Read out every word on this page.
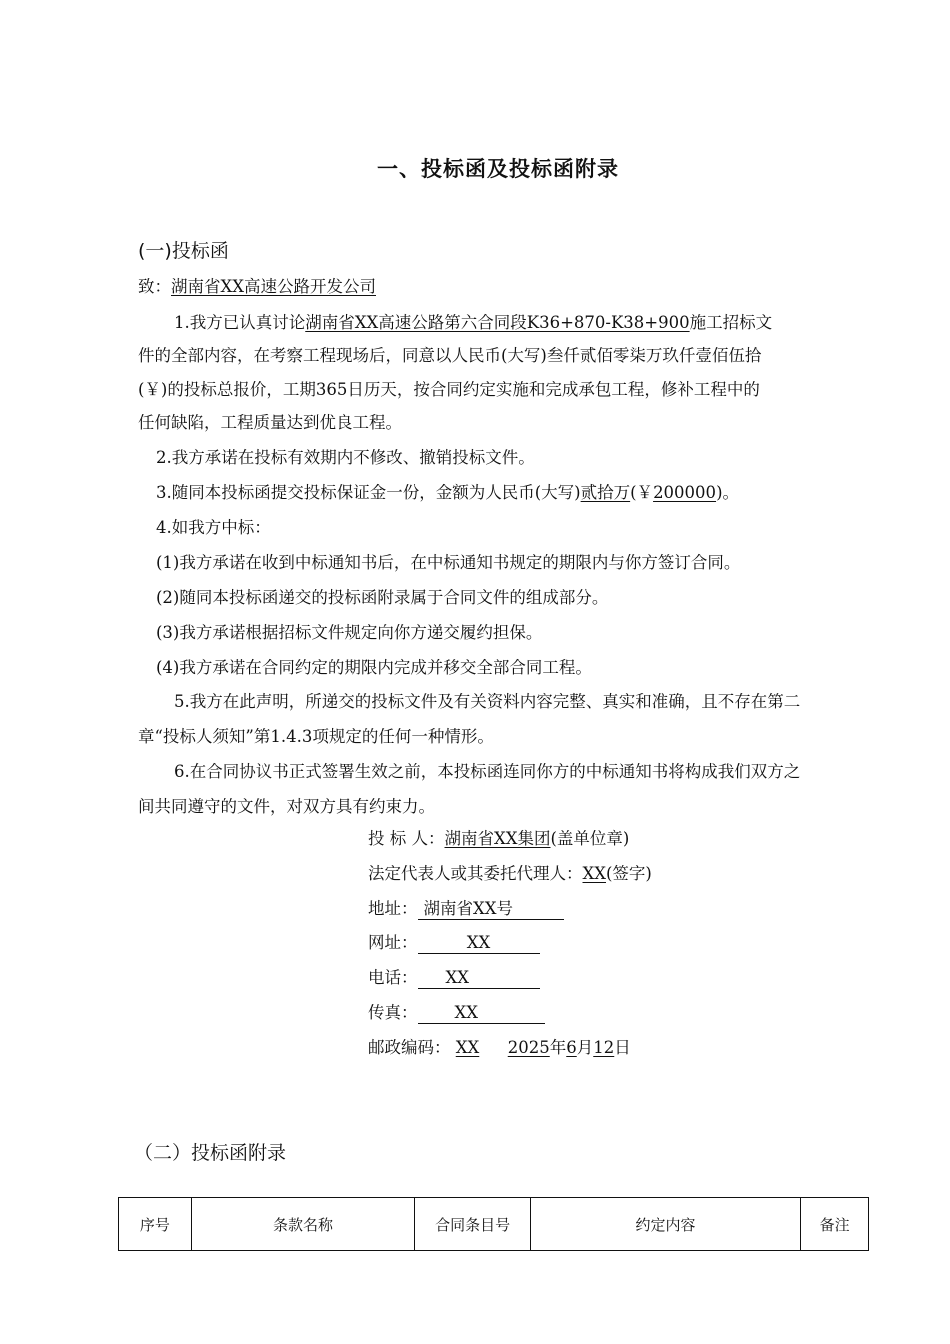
一、投标函及投标函附录
(一)投标函
致：湖南省XX高速公路开发公司
1.我方已认真讨论湖南省XX高速公路第六合同段K36+870-K38+900施工招标文
件的全部内容，在考察工程现场后，同意以人民币(大写)叁仟贰佰零柒万玖仟壹佰伍拾
(￥)的投标总报价，工期365日历天，按合同约定实施和完成承包工程，修补工程中的
任何缺陷，工程质量达到优良工程。
2.我方承诺在投标有效期内不修改、撤销投标文件。
3.随同本投标函提交投标保证金一份，金额为人民币(大写)贰拾万(￥200000)。
4.如我方中标：
(1)我方承诺在收到中标通知书后，在中标通知书规定的期限内与你方签订合同。
(2)随同本投标函递交的投标函附录属于合同文件的组成部分。
(3)我方承诺根据招标文件规定向你方递交履约担保。
(4)我方承诺在合同约定的期限内完成并移交全部合同工程。
5.我方在此声明，所递交的投标文件及有关资料内容完整、真实和准确，且不存在第二
章“投标人须知”第1.4.3项规定的任何一种情形。
6.在合同协议书正式签署生效之前，本投标函连同你方的中标通知书将构成我们双方之
间共同遵守的文件，对双方具有约束力。
投 标 人：湖南省XX集团(盖单位章)
法定代表人或其委托代理人：XX(签字)
地址： 湖南省XX号
网址：	XX
电话： XX
传真： XX
邮政编码： XX 2025年6月12日
（二）投标函附录
序号	条款名称	合同条目号	约定内容	备注
